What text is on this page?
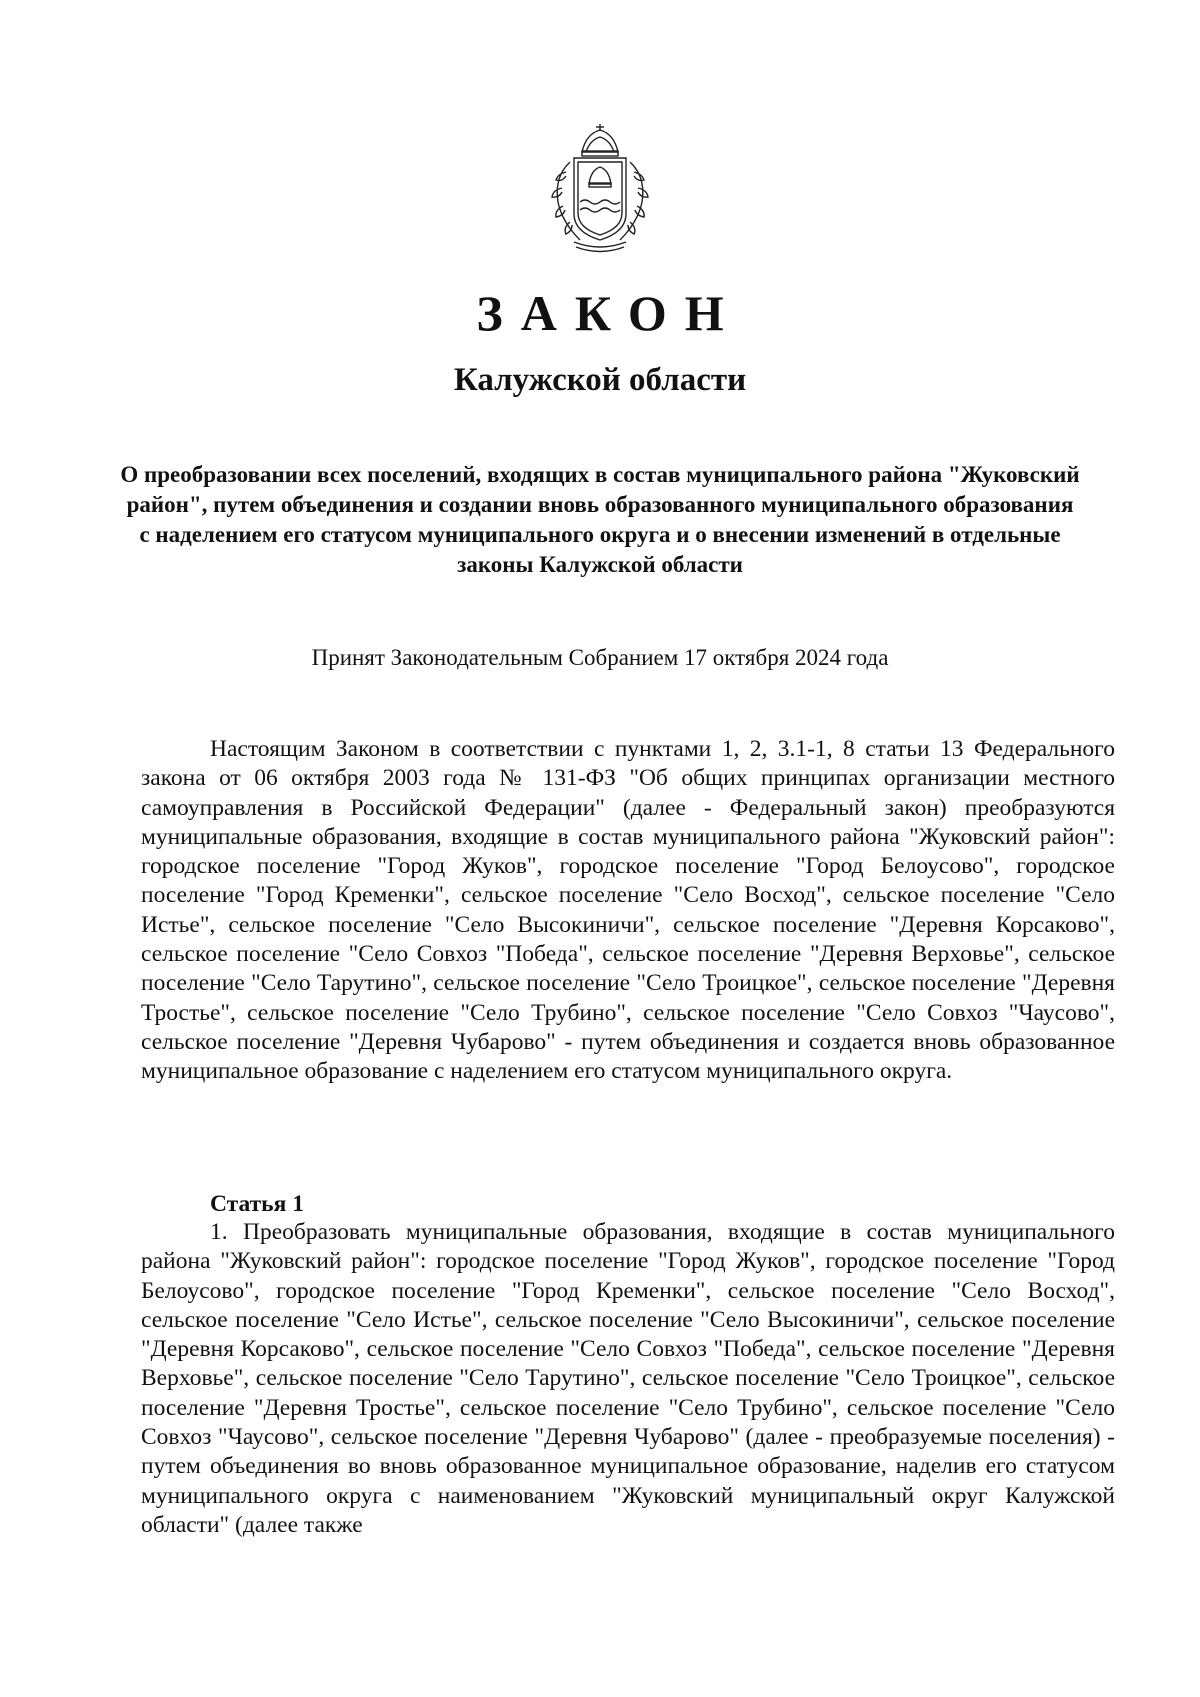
ЗАКОН
Калужской области
О преобразовании всех поселений, входящих в состав муниципального района "Жуковский район", путем объединения и создании вновь образованного муниципального образования с наделением его статусом муниципального округа и о внесении изменений в отдельные законы Калужской области
Принят Законодательным Собранием 17 октября 2024 года

Настоящим Законом в соответствии с пунктами 1, 2, 3.1-1, 8 статьи 13 Федерального закона от 06 октября 2003 года № 131-ФЗ "Об общих принципах организации местного самоуправления в Российской Федерации" (далее - Федеральный закон) преобразуются муниципальные образования, входящие в состав муниципального района "Жуковский район": городское поселение "Город Жуков", городское поселение "Город Белоусово", городское поселение "Город Кременки", сельское поселение "Село Восход", сельское поселение "Село Истье", сельское поселение "Село Высокиничи", сельское поселение "Деревня Корсаково", сельское поселение "Село Совхоз "Победа", сельское поселение "Деревня Верховье", сельское поселение "Село Тарутино", сельское поселение "Село Троицкое", сельское поселение "Деревня Тростье", сельское поселение "Село Трубино", сельское поселение "Село Совхоз "Чаусово", сельское поселение "Деревня Чубарово" - путем объединения и создается вновь образованное муниципальное образование с наделением его статусом муниципального округа.

Статья 1

1. Преобразовать муниципальные образования, входящие в состав муниципального района "Жуковский район": городское поселение "Город Жуков", городское поселение "Город Белоусово", городское поселение "Город Кременки", сельское поселение "Село Восход", сельское поселение "Село Истье", сельское поселение "Село Высокиничи", сельское поселение "Деревня Корсаково", сельское поселение "Село Совхоз "Победа", сельское поселение "Деревня Верховье", сельское поселение "Село Тарутино", сельское поселение "Село Троицкое", сельское поселение "Деревня Тростье", сельское поселение "Село Трубино", сельское поселение "Село Совхоз "Чаусово", сельское поселение "Деревня Чубарово" (далее - преобразуемые поселения) - путем объединения во вновь образованное муниципальное образование, наделив его статусом муниципального округа с наименованием "Жуковский муниципальный округ Калужской области" (далее также
